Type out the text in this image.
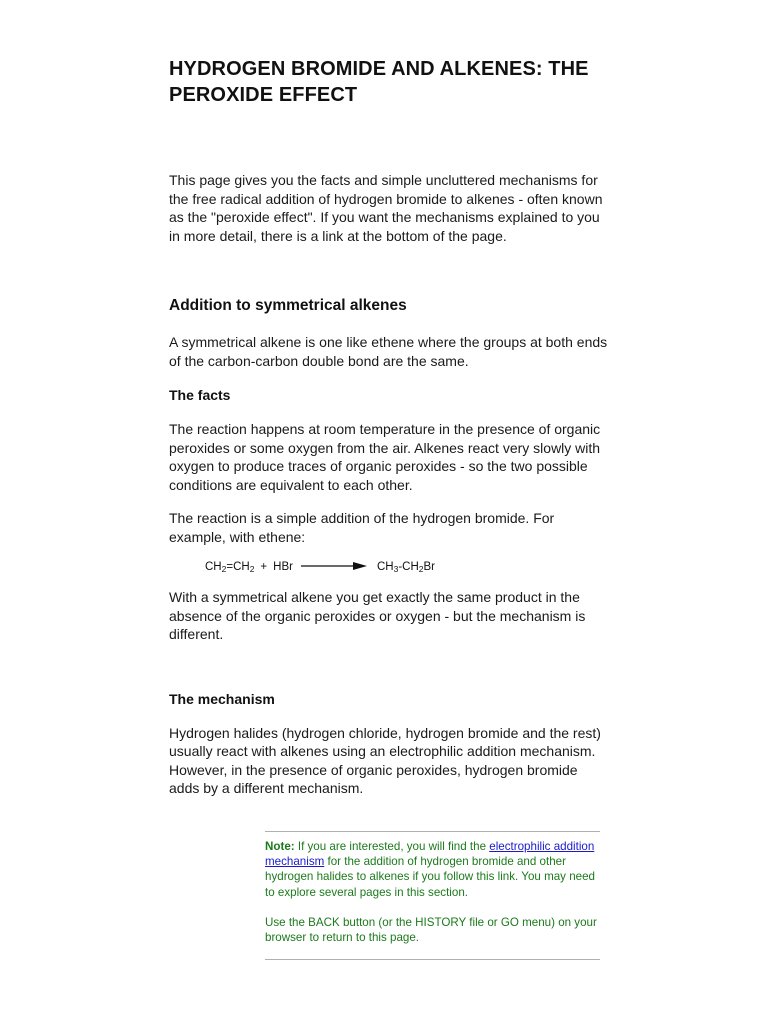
HYDROGEN BROMIDE AND ALKENES: THE PEROXIDE EFFECT

This page gives you the facts and simple uncluttered mechanisms for the free radical addition of hydrogen bromide to alkenes - often known as the "peroxide effect". If you want the mechanisms explained to you in more detail, there is a link at the bottom of the page.

Addition to symmetrical alkenes

A symmetrical alkene is one like ethene where the groups at both ends of the carbon-carbon double bond are the same.

The facts

The reaction happens at room temperature in the presence of organic peroxides or some oxygen from the air. Alkenes react very slowly with oxygen to produce traces of organic peroxides - so the two possible conditions are equivalent to each other.

The reaction is a simple addition of the hydrogen bromide. For example, with ethene:

$CH_2=CH_2$ + HBr	$CH_3-CH_2Br$

With a symmetrical alkene you get exactly the same product in the absence of the organic peroxides or oxygen - but the mechanism is different.

The mechanism

Hydrogen halides (hydrogen chloride, hydrogen bromide and the rest) usually react with alkenes using an electrophilic addition mechanism. However, in the presence of organic peroxides, hydrogen bromide adds by a different mechanism.

Note: If you are interested, you will find the electrophilic addition mechanism for the addition of hydrogen bromide and other hydrogen halides to alkenes if you follow this link. You may need to explore several pages in this section.
Use the BACK button (or the HISTORY file or GO menu) on your browser to return to this page.
